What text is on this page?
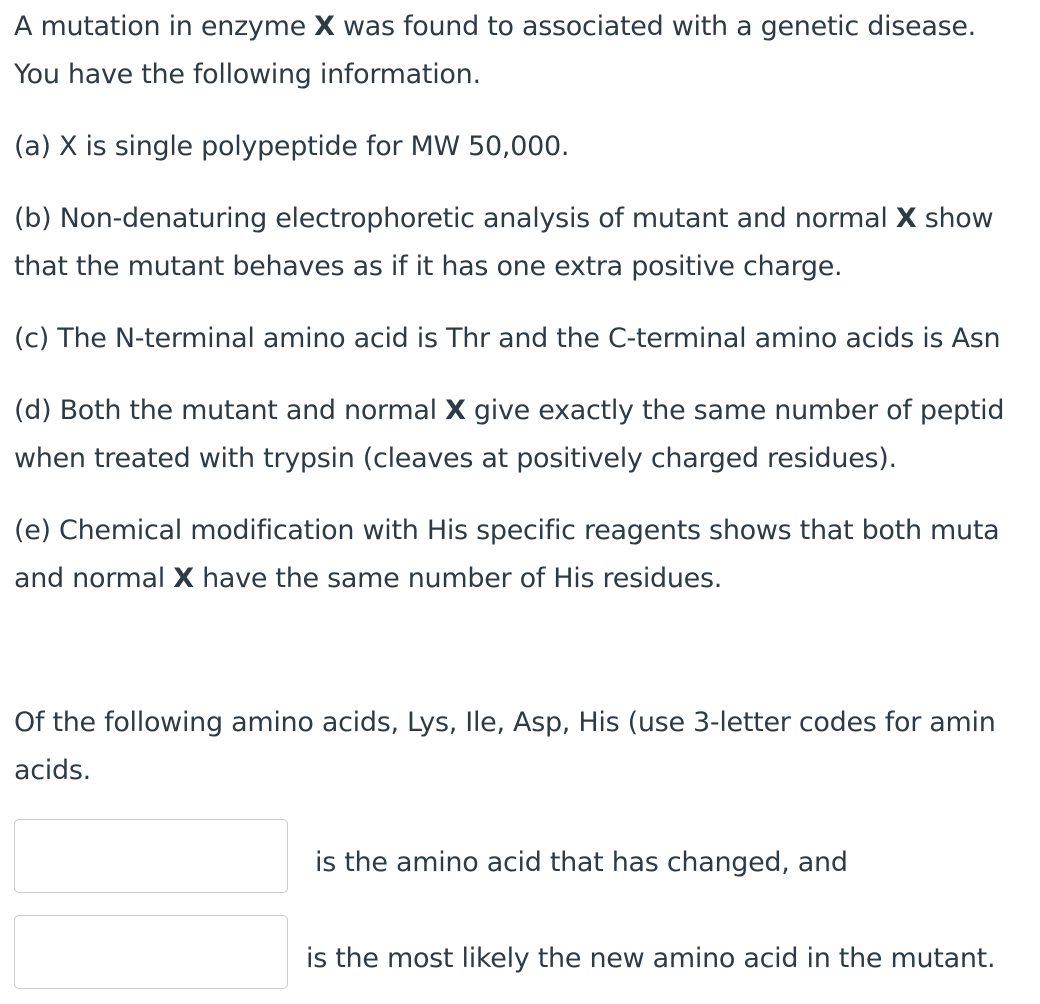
A mutation in enzyme X was found to associated with a genetic disease.
You have the following information.
(a) X is single polypeptide for MW 50,000.
(b) Non-denaturing electrophoretic analysis of mutant and normal X show
that the mutant behaves as if it has one extra positive charge.
(c) The N-terminal amino acid is Thr and the C-terminal amino acids is Asn
(d) Both the mutant and normal X give exactly the same number of peptid
when treated with trypsin (cleaves at positively charged residues).
(e) Chemical modification with His specific reagents shows that both muta
and normal X have the same number of His residues.
Of the following amino acids, Lys, Ile, Asp, His (use 3-letter codes for amin
acids.
is the amino acid that has changed, and
is the most likely the new amino acid in the mutant.
